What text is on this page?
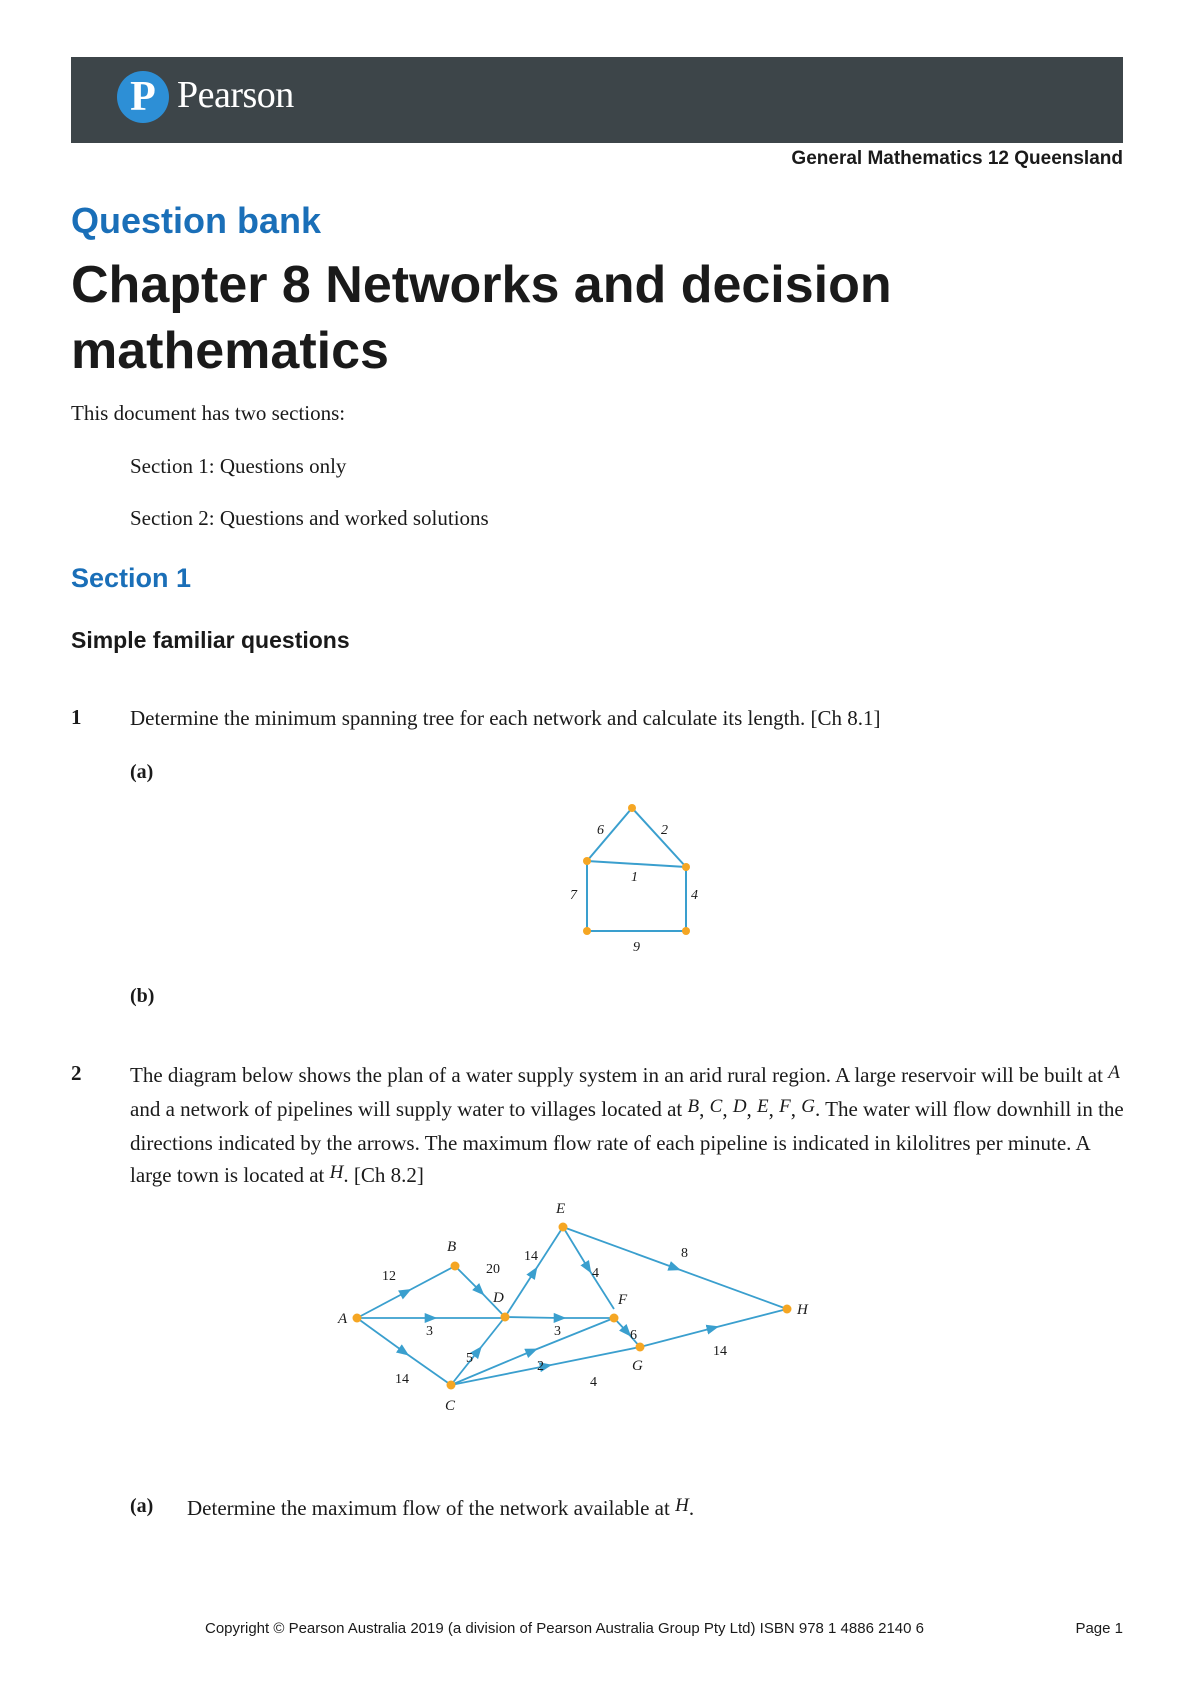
P Pearson
General Mathematics 12 Queensland
Question bank
Chapter 8 Networks and decision mathematics
This document has two sections:
Section 1: Questions only
Section 2: Questions and worked solutions
Section 1
Simple familiar questions
1 Determine the minimum spanning tree for each network and calculate its length. [Ch 8.1]
(a)
6	2
1
7	4
9
(b)
2 The diagram below shows the plan of a water supply system in an arid rural region. A large reservoir will be built at A and a network of pipelines will supply water to villages located at B, C, D, E, F, G. The water will flow downhill in the directions indicated by the arrows. The maximum flow rate of each pipeline is indicated in kilolitres per minute. A large town is located at H. [Ch 8.2]
A
B
C
D
E
F
G
H
12	20
3
14
5
14
4
8
3	6
2
4
14
(a) Determine the maximum flow of the network available at H.
Copyright © Pearson Australia 2019 (a division of Pearson Australia Group Pty Ltd) ISBN 978 1 4886 2140 6	Page 1
